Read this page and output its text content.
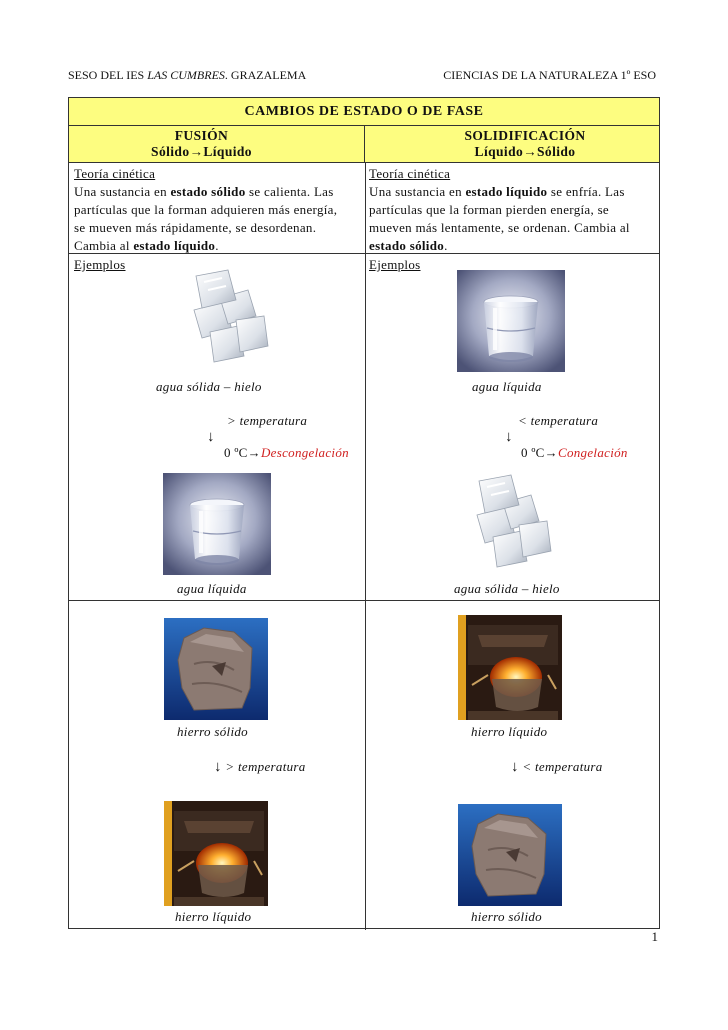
SESO DEL IES LAS CUMBRES. GRAZALEMA	CIENCIAS DE LA NATURALEZA 1º ESO
CAMBIOS DE ESTADO O DE FASE
FUSIÓN
Sólido→Líquido
SOLIDIFICACIÓN
Líquido→Sólido
Teoría cinética
Una sustancia en estado sólido se calienta. Las
partículas que la forman adquieren más energía,
se mueven más rápidamente, se desordenan.
Cambia al estado líquido.
Teoría cinética
Una sustancia en estado líquido se enfría. Las
partículas que la forman pierden energía, se
mueven más lentamente, se ordenan. Cambia al
estado sólido.
Ejemplos	Ejemplos
agua sólida – hielo
> temperatura
↓
0 ºC→Descongelación
agua líquida
agua líquida
< temperatura
↓
0 ºC→Congelación
agua sólida – hielo
hierro sólido
↓ > temperatura
hierro líquido
hierro líquido
↓ < temperatura
hierro sólido
1
